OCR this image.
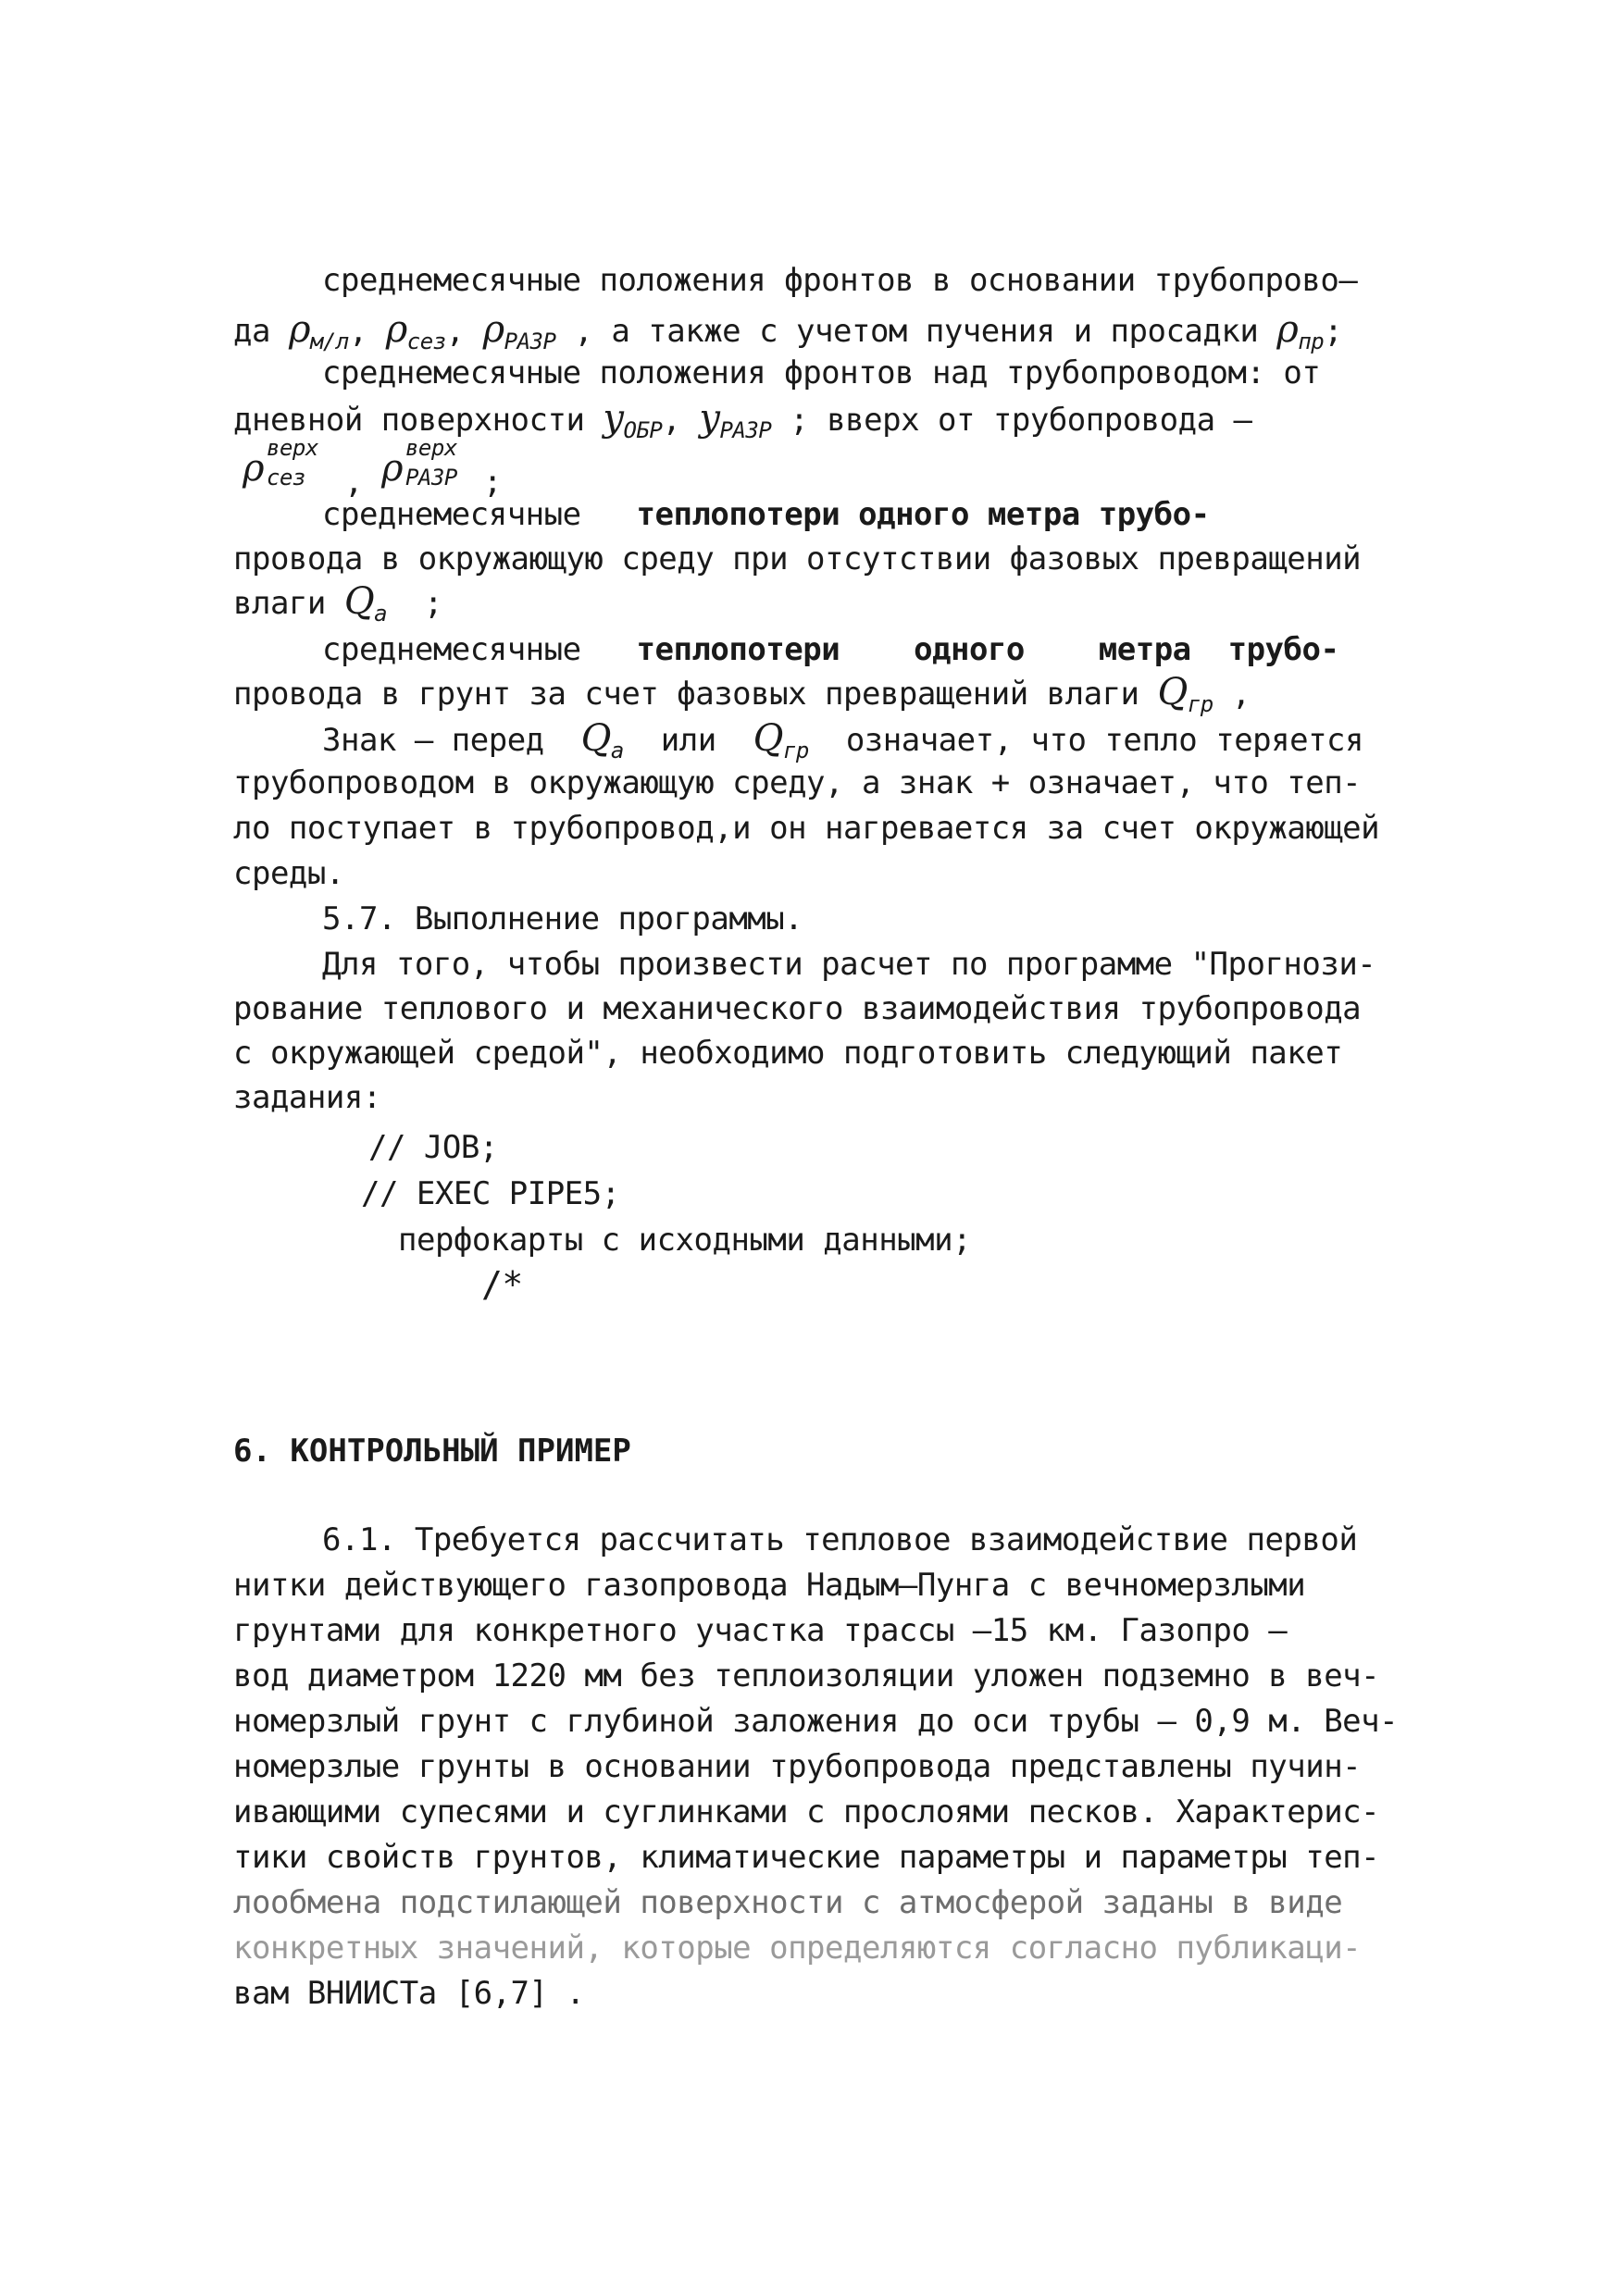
среднемесячные положения фронтов в основании трубопрово–
да $\rho_{м/л}$, $\rho_{сез}$, $\rho_{РАЗР}$ , а также с учетом пучения и просадки $\rho_{пр}$;
среднемесячные положения фронтов над трубопроводом: от
дневной поверхности $y_{ОБР}$, $y_{РАЗР}$ ; вверх от трубопровода –
ρ верх
сез , ρ верх
РАЗР ;
среднемесячные теплопотери одного метра трубо-
провода в окружающую среду при отсутствии фазовых превращений
влаги $Q_a$ ;
среднемесячные теплопотери одного метра трубо-
провода в грунт за счет фазовых превращений влаги $Q_{гр}$ ,
Знак – перед $Q_a$ или $Q_{гр}$ означает, что тепло теряется
трубопроводом в окружающую среду, а знак + означает, что теп-
ло поступает в трубопровод,и он нагревается за счет окружающей
среды.
5.7. Выполнение программы.
Для того, чтобы произвести расчет по программе "Прогнози-
рование теплового и механического взаимодействия трубопровода
с окружающей средой", необходимо подготовить следующий пакет
задания:
// JOB;
// EXEC PIPE5;
перфокарты с исходными данными;
/*
6. КОНТРОЛЬНЫЙ ПРИМЕР
6.1. Требуется рассчитать тепловое взаимодействие первой
нитки действующего газопровода Надым–Пунга с вечномерзлыми
грунтами для конкретного участка трассы –15 км. Газопро –
вод диаметром 1220 мм без теплоизоляции уложен подземно в веч-
номерзлый грунт с глубиной заложения до оси трубы – 0,9 м. Веч-
номерзлые грунты в основании трубопровода представлены пучин-
ивающими супесями и суглинками с прослоями песков. Характерис-
тики свойств грунтов, климатические параметры и параметры теп-
лообмена подстилающей поверхности с атмосферой заданы в виде
конкретных значений, которые определяются согласно публикаци-
вам ВНИИСТа [6,7] .
